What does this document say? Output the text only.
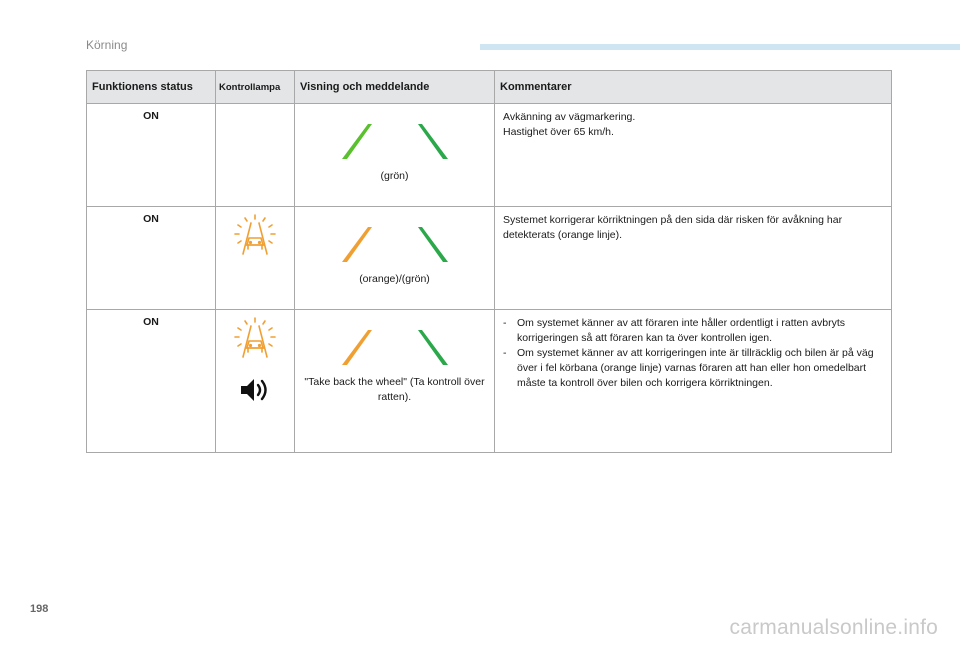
Körning
Funktionens status	Kontrollampa	Visning och meddelande	Kommentarer
ON		(grön)	Avkänning av vägmarkering.
Hastighet över 65 km/h.

ON		(orange)/(grön)	Systemet korrigerar körriktningen på den sida där risken för avåkning har detekterats (orange linje).
ON		"Take back the wheel" (Ta kontroll över ratten).	- Om systemet känner av att föraren inte håller ordentligt i ratten avbryts korrigeringen så att föraren kan ta över kontrollen igen.
- Om systemet känner av att korrigeringen inte är tillräcklig och bilen är på väg över i fel körbana (orange linje) varnas föraren att han eller hon omedelbart måste ta kontroll över bilen och korrigera körriktningen.
198
carmanualsonline.info
